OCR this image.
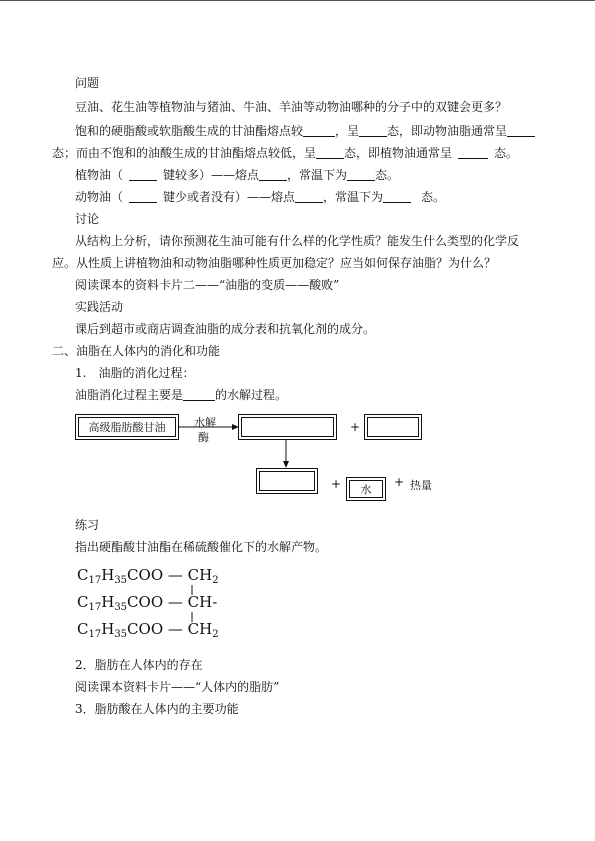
问题
豆油、花生油等植物油与猪油、牛油、羊油等动物油哪种的分子中的双键会更多？
饱和的硬脂酸或软脂酸生成的甘油酯熔点较	，呈 态，即动物油脂通常呈
态；而由不饱和的油酸生成的甘油酯熔点较低，呈 态，即植物油通常呈	态。
植物油（	键较多）——熔点 ，常温下为 态。
动物油（	键少或者没有）——熔点 ，常温下为	态。
讨论
从结构上分析，请你预测花生油可能有什么样的化学性质？能发生什么类型的化学反
应。从性质上讲植物油和动物油脂哪种性质更加稳定？应当如何保存油脂？为什么？
阅读课本的资料卡片二——“油脂的变质——酸败”
实践活动
课后到超市或商店调查油脂的成分表和抗氧化剂的成分。
二、油脂在人体内的消化和功能
1.　油脂的消化过程：
油脂消化过程主要是	的水解过程。
高级脂肪酸甘油	水解
酶
+
+	水
+ 热量
练习
指出硬酯酸甘油酯在稀硫酸催化下的水解产物。
$C_{17}H_{35}COO$ — $CH_2$
$C_{17}H_{35}COO$ — CH-
$C_{17}H_{35}COO$ — $CH_2$
2．脂肪在人体内的存在
阅读课本资料卡片——“人体内的脂肪”
3．脂肪酸在人体内的主要功能
